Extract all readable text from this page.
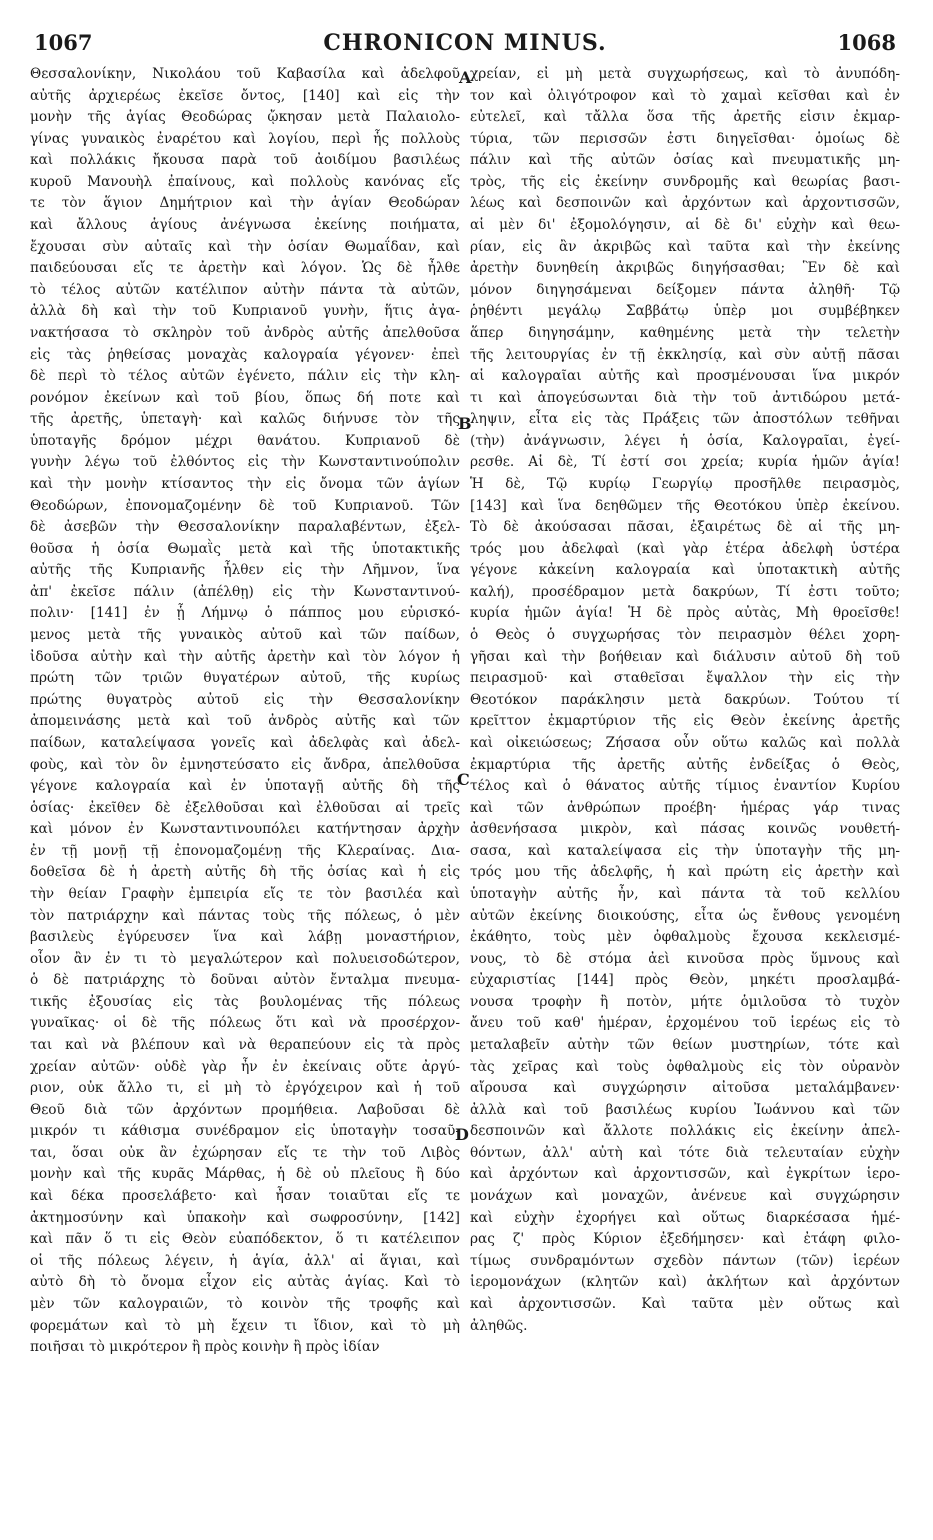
1067	CHRONICON MINUS.	1068
Θεσσαλονίκην, Νικολάου τοῦ Καβασίλα καὶ ἀδελφοῦ
αὐτῆς ἀρχιερέως ἐκεῖσε ὄντος, [140] καὶ εἰς τὴν
μονὴν τῆς ἁγίας Θεοδώρας ᾤκησαν μετὰ Παλαιολο-
γίνας γυναικὸς ἐναρέτου καὶ λογίου, περὶ ἧς πολλοὺς
καὶ πολλάκις ἤκουσα παρὰ τοῦ ἀοιδίμου βασιλέως
κυροῦ Μανουὴλ ἐπαίνους, καὶ πολλοὺς κανόνας εἴς
τε τὸν ἅγιον Δημήτριον καὶ τὴν ἁγίαν Θεοδώραν
καὶ ἄλλους ἁγίους ἀνέγνωσα ἐκείνης ποιήματα,
ἔχουσαι σὺν αὐταῖς καὶ τὴν ὁσίαν Θωμαΐδαν, καὶ
παιδεύουσαι εἴς τε ἀρετὴν καὶ λόγον. Ὡς δὲ ἦλθε
τὸ τέλος αὐτῶν κατέλιπον αὐτὴν πάντα τὰ αὐτῶν,
ἀλλὰ δὴ καὶ τὴν τοῦ Κυπριανοῦ γυνὴν, ἥτις ἀγα-
νακτήσασα τὸ σκληρὸν τοῦ ἀνδρὸς αὐτῆς ἀπελθοῦσα
εἰς τὰς ῥηθείσας μοναχὰς καλογραία γέγονεν· ἐπεὶ
δὲ περὶ τὸ τέλος αὐτῶν ἐγένετο, πάλιν εἰς τὴν κλη-
ρονόμον ἐκείνων καὶ τοῦ βίου, ὅπως δή ποτε καὶ
τῆς ἀρετῆς, ὑπεταγὴ· καὶ καλῶς διήνυσε τὸν τῆς
ὑποταγῆς δρόμον μέχρι θανάτου. Κυπριανοῦ δὲ
γυνὴν λέγω τοῦ ἐλθόντος εἰς τὴν Κωνσταντινούπολιν
καὶ τὴν μονὴν κτίσαντος τὴν εἰς ὄνομα τῶν ἁγίων
Θεοδώρων, ἐπονομαζομένην δὲ τοῦ Κυπριανοῦ. Τῶν
δὲ ἀσεβῶν τὴν Θεσσαλονίκην παραλαβέντων, ἐξελ-
θοῦσα ἡ ὁσία Θωμαῒς μετὰ καὶ τῆς ὑποτακτικῆς
αὐτῆς τῆς Κυπριανῆς ἦλθεν εἰς τὴν Λῆμνον, ἵνα
ἀπ' ἐκεῖσε πάλιν (ἀπέλθῃ) εἰς τὴν Κωνσταντινού-
πολιν· [141] ἐν ᾗ Λήμνῳ ὁ πάππος μου εὑρισκό-
μενος μετὰ τῆς γυναικὸς αὐτοῦ καὶ τῶν παίδων,
ἰδοῦσα αὐτὴν καὶ τὴν αὐτῆς ἀρετὴν καὶ τὸν λόγον ἡ
πρώτη τῶν τριῶν θυγατέρων αὐτοῦ, τῆς κυρίως
πρώτης θυγατρὸς αὐτοῦ εἰς τὴν Θεσσαλονίκην
ἀπομεινάσης μετὰ καὶ τοῦ ἀνδρὸς αὐτῆς καὶ τῶν
παίδων, καταλείψασα γονεῖς καὶ ἀδελφὰς καὶ ἀδελ-
φοὺς, καὶ τὸν ὃν ἐμνηστεύσατο εἰς ἄνδρα, ἀπελθοῦσα
γέγονε καλογραία καὶ ἐν ὑποταγῇ αὐτῆς δὴ τῆς
ὁσίας· ἐκεῖθεν δὲ ἐξελθοῦσαι καὶ ἐλθοῦσαι αἱ τρεῖς
καὶ μόνον ἐν Κωνσταντινουπόλει κατήντησαν ἀρχὴν
ἐν τῇ μονῇ τῇ ἐπονομαζομένῃ τῆς Κλεραίνας. Δια-
δοθεῖσα δὲ ἡ ἀρετὴ αὐτῆς δὴ τῆς ὁσίας καὶ ἡ εἰς
τὴν θείαν Γραφὴν ἐμπειρία εἴς τε τὸν βασιλέα καὶ
τὸν πατριάρχην καὶ πάντας τοὺς τῆς πόλεως, ὁ μὲν
βασιλεὺς ἐγύρευσεν ἵνα καὶ λάβῃ μοναστήριον,
οἷον ἂν ἐν τι τὸ μεγαλώτερον καὶ πολυεισοδώτερον,
ὁ δὲ πατριάρχης τὸ δοῦναι αὐτὸν ἔνταλμα πνευμα-
τικῆς ἐξουσίας εἰς τὰς βουλομένας τῆς πόλεως
γυναῖκας· οἱ δὲ τῆς πόλεως ὅτι καὶ νὰ προσέρχον-
ται καὶ νὰ βλέπουν καὶ νὰ θεραπεύουν εἰς τὰ πρὸς
χρείαν αὐτῶν· οὐδὲ γὰρ ἦν ἐν ἐκείναις οὔτε ἀργύ-
ριον, οὐκ ἄλλο τι, εἰ μὴ τὸ ἐργόχειρον καὶ ἡ τοῦ
Θεοῦ διὰ τῶν ἀρχόντων προμήθεια. Λαβοῦσαι δὲ
μικρόν τι κάθισμα συνέδραμον εἰς ὑποταγὴν τοσαῦ-
ται, ὅσαι οὐκ ἂν ἐχώρησαν εἴς τε τὴν τοῦ Λιβὸς
μονὴν καὶ τῆς κυρᾶς Μάρθας, ἡ δὲ οὐ πλεῖους ἢ δύο
καὶ δέκα προσελάβετο· καὶ ἦσαν τοιαῦται εἴς τε
ἀκτημοσύνην καὶ ὑπακοὴν καὶ σωφροσύνην, [142]
καὶ πᾶν ὅ τι εἰς Θεὸν εὐαπόδεκτον, ὅ τι κατέλειπον
οἱ τῆς πόλεως λέγειν, ἡ ἁγία, ἀλλ' αἱ ἅγιαι, καὶ
αὐτὸ δὴ τὸ ὄνομα εἶχον εἰς αὐτὰς ἁγίας. Καὶ τὸ
μὲν τῶν καλογραιῶν, τὸ κοινὸν τῆς τροφῆς καὶ
φορεμάτων καὶ τὸ μὴ ἔχειν τι ἴδιον, καὶ τὸ μὴ
ποιῆσαι τὸ μικρότερον ἢ πρὸς κοινὴν ἢ πρὸς ἰδίαν
χρείαν, εἰ μὴ μετὰ συγχωρήσεως, καὶ τὸ ἀνυπόδη-
τον καὶ ὀλιγότροφον καὶ τὸ χαμαὶ κεῖσθαι καὶ ἐν
εὐτελεῖ, καὶ τἄλλα ὅσα τῆς ἀρετῆς εἰσιν ἐκμαρ-
τύρια, τῶν περισσῶν ἐστι διηγεῖσθαι· ὁμοίως δὲ
πάλιν καὶ τῆς αὐτῶν ὁσίας καὶ πνευματικῆς μη-
τρὸς, τῆς εἰς ἐκείνην συνδρομῆς καὶ θεωρίας βασι-
λέως καὶ δεσποινῶν καὶ ἀρχόντων καὶ ἀρχοντισσῶν,
αἱ μὲν δι' ἐξομολόγησιν, αἱ δὲ δι' εὐχὴν καὶ θεω-
ρίαν, εἰς ἂν ἀκριβῶς καὶ ταῦτα καὶ τὴν ἐκείνης
ἀρετὴν δυνηθείη ἀκριβῶς διηγήσασθαι; Ἓν δὲ καὶ
μόνον διηγησάμεναι δείξομεν πάντα ἀληθῆ· Τῷ
ῥηθέντι μεγάλῳ Σαββάτῳ ὑπὲρ μοι συμβέβηκεν
ἅπερ διηγησάμην, καθημένης μετὰ τὴν τελετὴν
τῆς λειτουργίας ἐν τῇ ἐκκλησίᾳ, καὶ σὺν αὐτῇ πᾶσαι
αἱ καλογραῖαι αὐτῆς καὶ προσμένουσαι ἵνα μικρόν
τι καὶ ἀπογεύσωνται διὰ τὴν τοῦ ἀντιδώρου μετά-
ληψιν, εἶτα εἰς τὰς Πράξεις τῶν ἀποστόλων τεθῆναι
(τὴν) ἀνάγνωσιν, λέγει ἡ ὁσία, Καλογραῖαι, ἐγεί-
ρεσθε. Αἱ δὲ, Τί ἐστί σοι χρεία; κυρία ἡμῶν ἁγία!
Ἡ δὲ, Τῷ κυρίῳ Γεωργίῳ προσῆλθε πειρασμὸς,
[143] καὶ ἵνα δεηθῶμεν τῆς Θεοτόκου ὑπὲρ ἐκείνου.
Τὸ δὲ ἀκούσασαι πᾶσαι, ἐξαιρέτως δὲ αἱ τῆς μη-
τρός μου ἀδελφαὶ (καὶ γὰρ ἑτέρα ἀδελφὴ ὑστέρα
γέγονε κἀκείνη καλογραία καὶ ὑποτακτικὴ αὐτῆς
καλή), προσέδραμον μετὰ δακρύων, Τί ἐστι τοῦτο;
κυρία ἡμῶν ἁγία! Ἡ δὲ πρὸς αὐτὰς, Μὴ θροεῖσθε!
ὁ Θεὸς ὁ συγχωρήσας τὸν πειρασμὸν θέλει χορη-
γῆσαι καὶ τὴν βοήθειαν καὶ διάλυσιν αὐτοῦ δὴ τοῦ
πειρασμοῦ· καὶ σταθεῖσαι ἔψαλλον τὴν εἰς τὴν
Θεοτόκον παράκλησιν μετὰ δακρύων. Τούτου τί
κρεῖττον ἐκμαρτύριον τῆς εἰς Θεὸν ἐκείνης ἀρετῆς
καὶ οἰκειώσεως; Ζήσασα οὖν οὕτω καλῶς καὶ πολλὰ
ἐκμαρτύρια τῆς ἀρετῆς αὐτῆς ἐνδείξας ὁ Θεὸς,
τέλος καὶ ὁ θάνατος αὐτῆς τίμιος ἐναντίον Κυρίου
καὶ τῶν ἀνθρώπων προέβη· ἡμέρας γάρ τινας
ἀσθενήσασα μικρὸν, καὶ πάσας κοινῶς νουθετή-
σασα, καὶ καταλείψασα εἰς τὴν ὑποταγὴν τῆς μη-
τρός μου τῆς ἀδελφῆς, ἡ καὶ πρώτη εἰς ἀρετὴν καὶ
ὑποταγὴν αὐτῆς ἦν, καὶ πάντα τὰ τοῦ κελλίου
αὐτῶν ἐκείνης διοικούσης, εἶτα ὡς ἔνθους γενομένη
ἐκάθητο, τοὺς μὲν ὀφθαλμοὺς ἔχουσα κεκλεισμέ-
νους, τὸ δὲ στόμα ἀεὶ κινοῦσα πρὸς ὕμνους καὶ
εὐχαριστίας [144] πρὸς Θεὸν, μηκέτι προσλαμβά-
νουσα τροφὴν ἢ ποτὸν, μήτε ὁμιλοῦσα τὸ τυχὸν
ἄνευ τοῦ καθ' ἡμέραν, ἐρχομένου τοῦ ἱερέως εἰς τὸ
μεταλαβεῖν αὐτὴν τῶν θείων μυστηρίων, τότε καὶ
τὰς χεῖρας καὶ τοὺς ὀφθαλμοὺς εἰς τὸν οὐρανὸν
αἴρουσα καὶ συγχώρησιν αἰτοῦσα μεταλάμβανεν·
ἀλλὰ καὶ τοῦ βασιλέως κυρίου Ἰωάννου καὶ τῶν
δεσποινῶν καὶ ἄλλοτε πολλάκις εἰς ἐκείνην ἀπελ-
θόντων, ἀλλ' αὐτὴ καὶ τότε διὰ τελευταίαν εὐχὴν
καὶ ἀρχόντων καὶ ἀρχοντισσῶν, καὶ ἐγκρίτων ἱερο-
μονάχων καὶ μοναχῶν, ἀνένευε καὶ συγχώρησιν
καὶ εὐχὴν ἐχορήγει καὶ οὕτως διαρκέσασα ἡμέ-
ρας ζ' πρὸς Κύριον ἐξεδήμησεν· καὶ ἐτάφη φιλο-
τίμως συνδραμόντων σχεδὸν πάντων (τῶν) ἱερέων
ἱερομονάχων (κλητῶν καὶ) ἀκλήτων καὶ ἀρχόντων
καὶ ἀρχοντισσῶν. Καὶ ταῦτα μὲν οὕτως καὶ
ἀληθῶς.
A
B
C
D
